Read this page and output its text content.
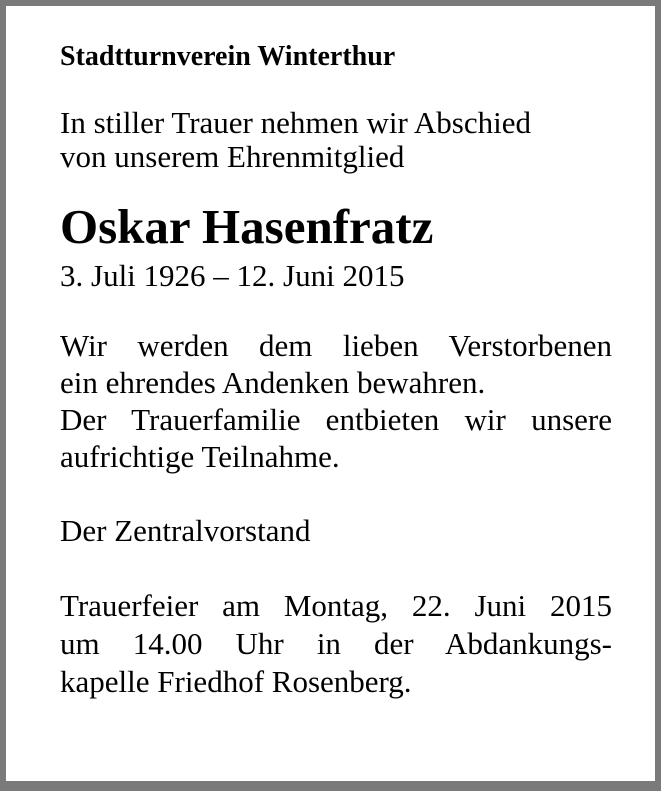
Stadtturnverein Winterthur

In stiller Trauer nehmen wir Abschied
von unserem Ehrenmitglied

Oskar Hasenfratz

3. Juli 1926 – 12. Juni 2015

Wir werden dem lieben Verstorbenen
ein ehrendes Andenken bewahren.
Der Trauerfamilie entbieten wir unsere
aufrichtige Teilnahme.

Der Zentralvorstand

Trauerfeier am Montag, 22. Juni 2015
um 14.00 Uhr in der Abdankungs-
kapelle Friedhof Rosenberg.
